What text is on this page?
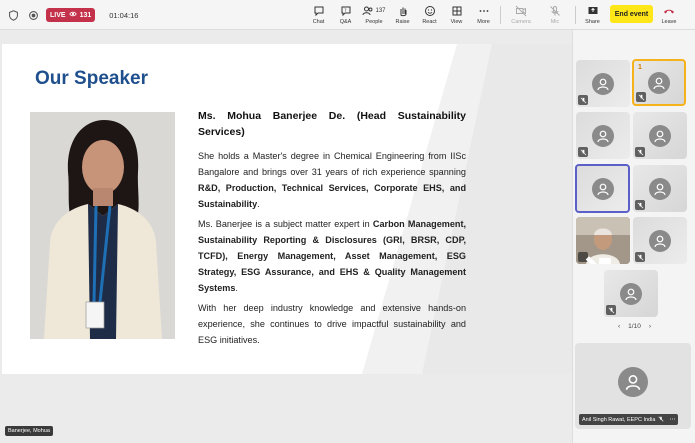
LIVE 131 01:04:16
Chat
?
Q&A
137
People Raise React	View	More	Camera	Mic	Share
End event
Leave
Our Speaker
Ms. Mohua Banerjee De. (Head Sustainability Services)

She holds a Master's degree in Chemical Engineering from IISc Bangalore and brings over 31 years of rich experience spanning R&D, Production, Technical Services, Corporate EHS, and Sustainability.

Ms. Banerjee is a subject matter expert in Carbon Management, Sustainability Reporting & Disclosures (GRI, BRSR, CDP, TCFD), Energy Management, Asset Management, ESG Strategy, ESG Assurance, and EHS & Quality Management Systems.

With her deep industry knowledge and extensive hands-on experience, she continues to drive impactful sustainability and ESG initiatives.

Banerjee, Mohua
1
‹ 1/10 ›
Anil Singh Rawat, EEPC India ⋯
